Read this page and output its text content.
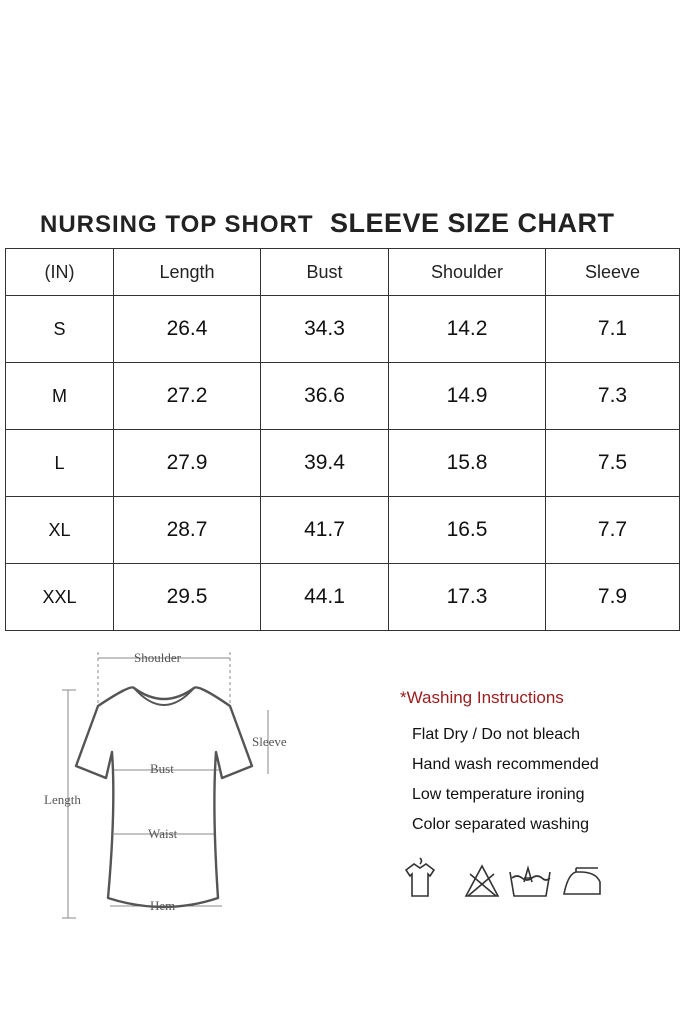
NURSING TOP SHORT SLEEVE SIZE CHART
(IN)	Length	Bust	Shoulder	Sleeve
S	26.4	34.3	14.2	7.1
M	27.2	36.6	14.9	7.3
L	27.9	39.4	15.8	7.5
XL	28.7	41.7	16.5	7.7
XXL	29.5	44.1	17.3	7.9
Shoulder
Sleeve
Bust
Length
Waist
Hem
*Washing Instructions
Flat Dry / Do not bleach
Hand wash recommended
Low temperature ironing
Color separated washing
